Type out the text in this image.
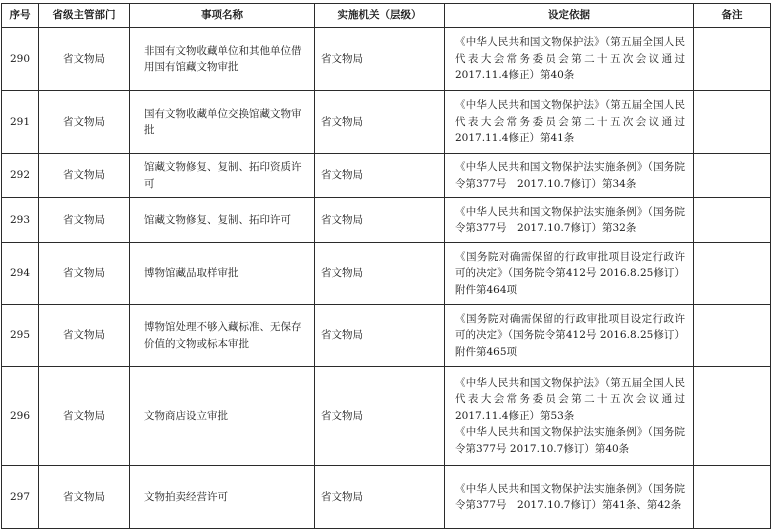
序号	省级主管部门	事项名称	实施机关（层级）	设定依据	备注
290	省文物局	非国有文物收藏单位和其他单位借用国有馆藏文物审批	省文物局	《中华人民共和国文物保护法》（第五届全国人民代表大会常务委员会第二十五次会议通过　2017.11.4修正）第40条	

291	省文物局	国有文物收藏单位交换馆藏文物审批	省文物局	《中华人民共和国文物保护法》（第五届全国人民代表大会常务委员会第二十五次会议通过　2017.11.4修正）第41条	

292	省文物局	馆藏文物修复、复制、拓印资质许可	省文物局	《中华人民共和国文物保护法实施条例》（国务院令第377号　2017.10.7修订）第34条	

293	省文物局	馆藏文物修复、复制、拓印许可	省文物局	《中华人民共和国文物保护法实施条例》（国务院令第377号　2017.10.7修订）第32条	

294	省文物局	博物馆藏品取样审批	省文物局	《国务院对确需保留的行政审批项目设定行政许可的决定》（国务院令第412号 2016.8.25修订）附件第464项	

295	省文物局	博物馆处理不够入藏标准、无保存价值的文物或标本审批	省文物局	《国务院对确需保留的行政审批项目设定行政许可的决定》（国务院令第412号 2016.8.25修订）附件第465项	

296	省文物局	文物商店设立审批	省文物局	《中华人民共和国文物保护法》（第五届全国人民代表大会常务委员会第二十五次会议通过　2017.11.4修正）第53条
《中华人民共和国文物保护法实施条例》（国务院令第377号 2017.10.7修订）第40条	

297	省文物局	文物拍卖经营许可	省文物局	《中华人民共和国文物保护法实施条例》（国务院令第377号　2017.10.7修订）第41条、第42条	
